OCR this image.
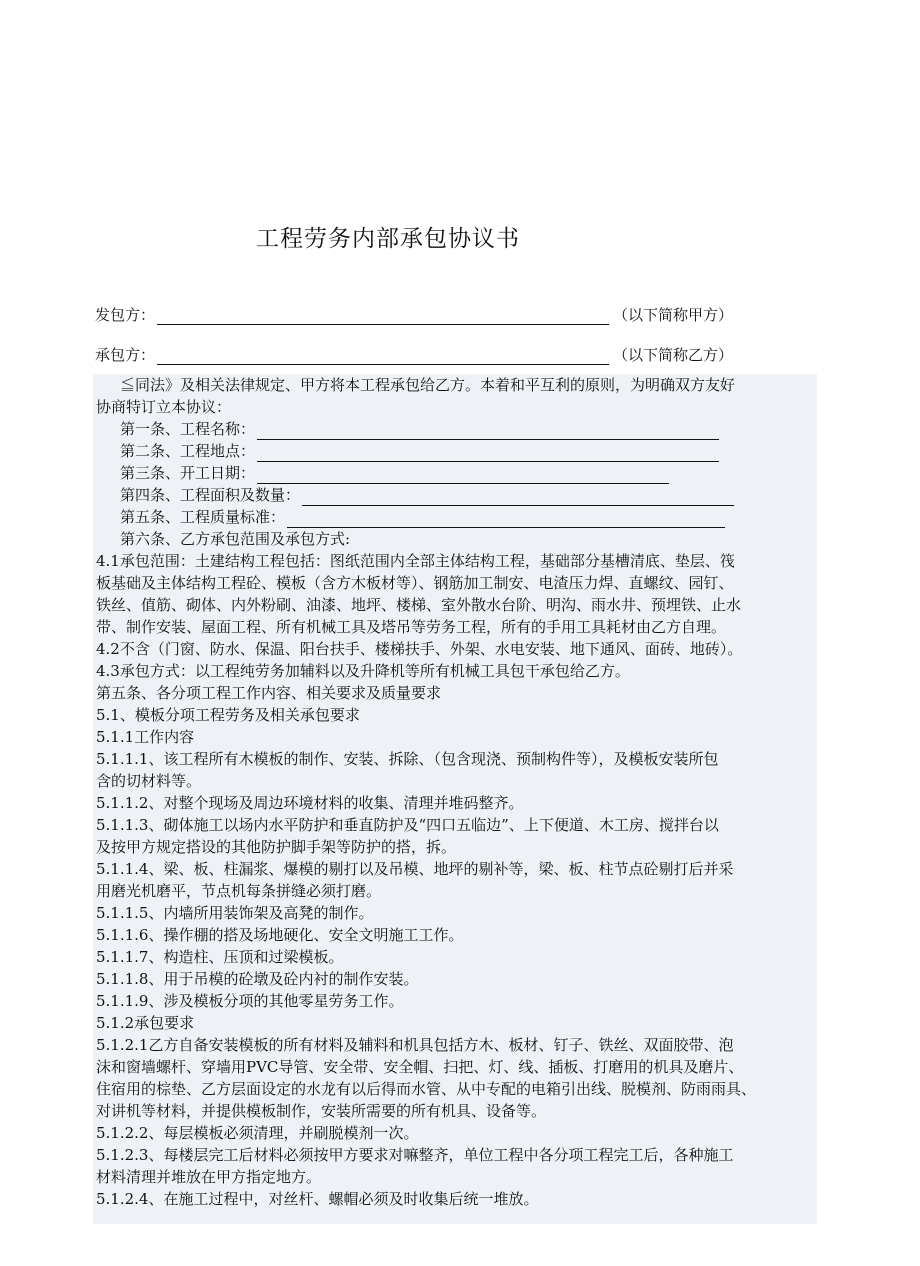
工程劳务内部承包协议书
发包方：	（以下简称甲方）
承包方：	（以下简称乙方）

≦同法》及相关法律规定、甲方将本工程承包给乙方。本着和平互利的原则，为明确双方友好

协商特订立本协议：

第一条、工程名称：
第二条、工程地点：
第三条、开工日期：
第四条、工程面积及数量：
第五条、工程质量标准：
第六条、乙方承包范围及承包方式:

4.1承包范围：土建结构工程包括：图纸范围内全部主体结构工程，基础部分基槽清底、垫层、筏

板基础及主体结构工程砼、模板（含方木板材等）、钢筋加工制安、电渣压力焊、直螺纹、园钉、

铁丝、值筋、砌体、内外粉刷、油漆、地坪、楼梯、室外散水台阶、明沟、雨水井、预埋铁、止水

带、制作安装、屋面工程、所有机械工具及塔吊等劳务工程，所有的手用工具耗材由乙方自理。

4.2不含（门窗、防水、保温、阳台扶手、楼梯扶手、外架、水电安装、地下通风、面砖、地砖）。

4.3承包方式：以工程纯劳务加辅料以及升降机等所有机械工具包干承包给乙方。

第五条、各分项工程工作内容、相关要求及质量要求

5.1、模板分项工程劳务及相关承包要求

5.1.1工作内容

5.1.1.1、该工程所有木模板的制作、安装、拆除、（包含现浇、预制构件等），及模板安装所包

含的切材料等。

5.1.1.2、对整个现场及周边环境材料的收集、清理并堆码整齐。

5.1.1.3、砌体施工以场内水平防护和垂直防护及“四口五临边”、上下便道、木工房、搅拌台以

及按甲方规定搭设的其他防护脚手架等防护的搭，拆。

5.1.1.4、梁、板、柱漏浆、爆模的剔打以及吊模、地坪的剔补等，梁、板、柱节点砼剔打后并采

用磨光机磨平，节点机每条拼缝必须打磨。

5.1.1.5、内墙所用装饰架及高凳的制作。

5.1.1.6、操作棚的搭及场地硬化、安全文明施工工作。

5.1.1.7、构造柱、压顶和过梁模板。

5.1.1.8、用于吊模的砼墩及砼内衬的制作安装。

5.1.1.9、涉及模板分项的其他零星劳务工作。

5.1.2承包要求

5.1.2.1乙方自备安装模板的所有材料及辅料和机具包括方木、板材、钉子、铁丝、双面胶带、泡

沫和窗墙螺杆、穿墙用PVC导管、安全带、安全帽、扫把、灯、线、插板、打磨用的机具及磨片、

住宿用的棕垫、乙方层面设定的水龙有以后得而水管、从中专配的电箱引出线、脱模剂、防雨雨具、

对讲机等材料，并提供模板制作，安装所需要的所有机具、设备等。

5.1.2.2、每层模板必须清理，并刷脱模剂一次。

5.1.2.3、每楼层完工后材料必须按甲方要求对嘛整齐，单位工程中各分项工程完工后，各种施工

材料清理并堆放在甲方指定地方。

5.1.2.4、在施工过程中，对丝杆、螺帽必须及时收集后统一堆放。
